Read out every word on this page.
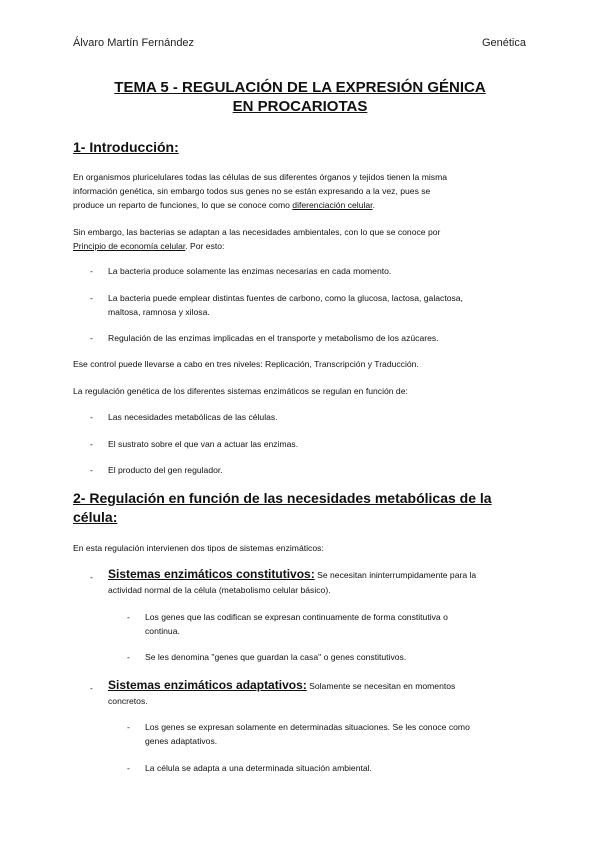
Álvaro Martín Fernández	Genética
TEMA 5 - REGULACIÓN DE LA EXPRESIÓN GÉNICA
EN PROCARIOTAS
1- Introducción:

En organismos pluricelulares todas las células de sus diferentes órganos y tejidos tienen la misma
información genética, sin embargo todos sus genes no se están expresando a la vez, pues se
produce un reparto de funciones, lo que se conoce como diferenciación celular.

Sin embargo, las bacterias se adaptan a las necesidades ambientales, con lo que se conoce por
Principio de economía celular. Por esto:

- La bacteria produce solamente las enzimas necesarias en cada momento.
- La bacteria puede emplear distintas fuentes de carbono, como la glucosa, lactosa, galactosa,
maltosa, ramnosa y xilosa.
- Regulación de las enzimas implicadas en el transporte y metabolismo de los azúcares.

Ese control puede llevarse a cabo en tres niveles: Replicación, Transcripción y Traducción.

La regulación genética de los diferentes sistemas enzimáticos se regulan en función de:

- Las necesidades metabólicas de las células.
- El sustrato sobre el que van a actuar las enzimas.
- El producto del gen regulador.
2- Regulación en función de las necesidades metabólicas de la
célula:

En esta regulación intervienen dos tipos de sistemas enzimáticos:

- Sistemas enzimáticos constitutivos: Se necesitan ininterrumpidamente para la
actividad normal de la célula (metabolismo celular básico).
- Los genes que las codifican se expresan continuamente de forma constitutiva o
continua.
- Se les denomina "genes que guardan la casa" o genes constitutivos.
- Sistemas enzimáticos adaptativos: Solamente se necesitan en momentos
concretos.
- Los genes se expresan solamente en determinadas situaciones. Se les conoce como
genes adaptativos.
- La célula se adapta a una determinada situación ambiental.
